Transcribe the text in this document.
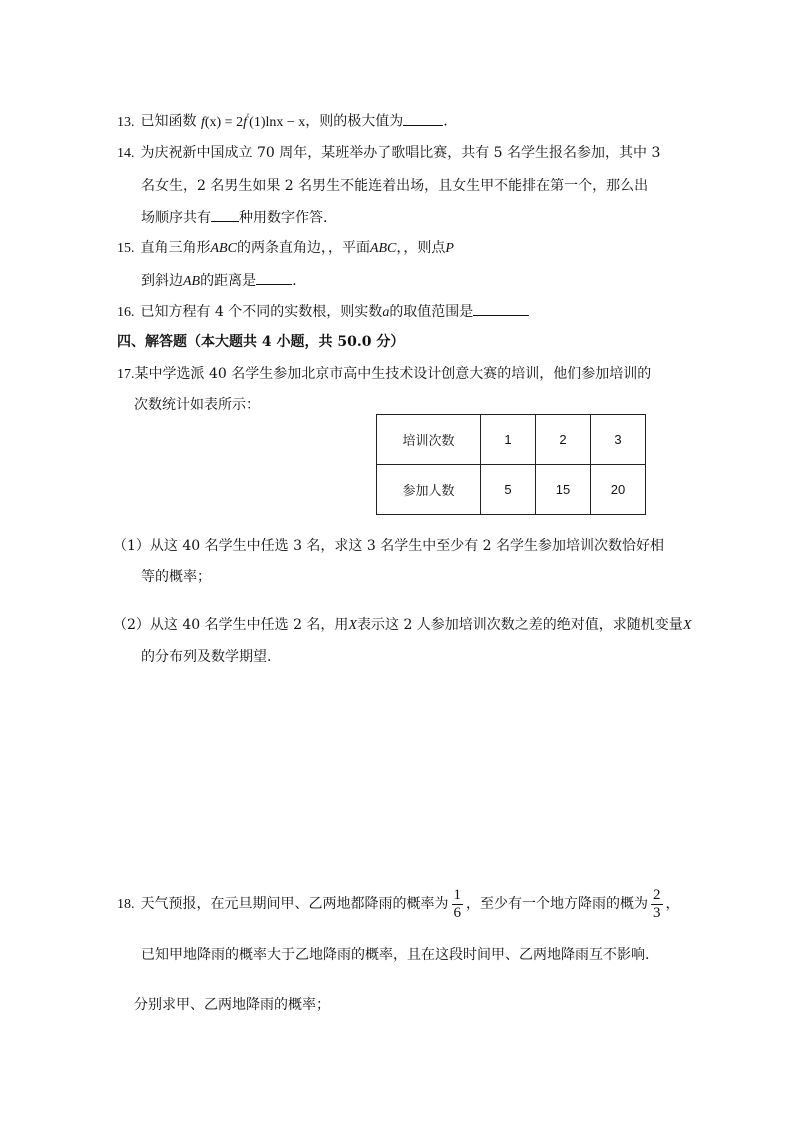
13. 已知函数 f(x) = 2f′(1)lnx − x，则的极大值为	.
14. 为庆祝新中国成立 70 周年，某班举办了歌唱比赛，共有 5 名学生报名参加，其中 3
名女生，2 名男生如果 2 名男生不能连着出场，且女生甲不能排在第一个，那么出
场顺序共有 种用数字作答.
15. 直角三角形ABC的两条直角边，，平面ABC，，则点P
到斜边AB的距离是	.
16. 已知方程有 4 个不同的实数根，则实数a的取值范围是
四、解答题（本大题共 4 小题，共 50.0 分）
17.某中学选派 40 名学生参加北京市高中生技术设计创意大赛的培训，他们参加培训的
次数统计如表所示：
培训次数	1	2	3
参加人数	5	15	20
（1）从这 40 名学生中任选 3 名，求这 3 名学生中至少有 2 名学生参加培训次数恰好相
等的概率；
（2）从这 40 名学生中任选 2 名，用X表示这 2 人参加培训次数之差的绝对值，求随机变量X
的分布列及数学期望.
18. 天气预报，在元旦期间甲、乙两地都降雨的概率为 $\frac{1}{6}$ ，至少有一个地方降雨的概为 $\frac{2}{3}$ ，
已知甲地降雨的概率大于乙地降雨的概率，且在这段时间甲、乙两地降雨互不影响.
分别求甲、乙两地降雨的概率；
